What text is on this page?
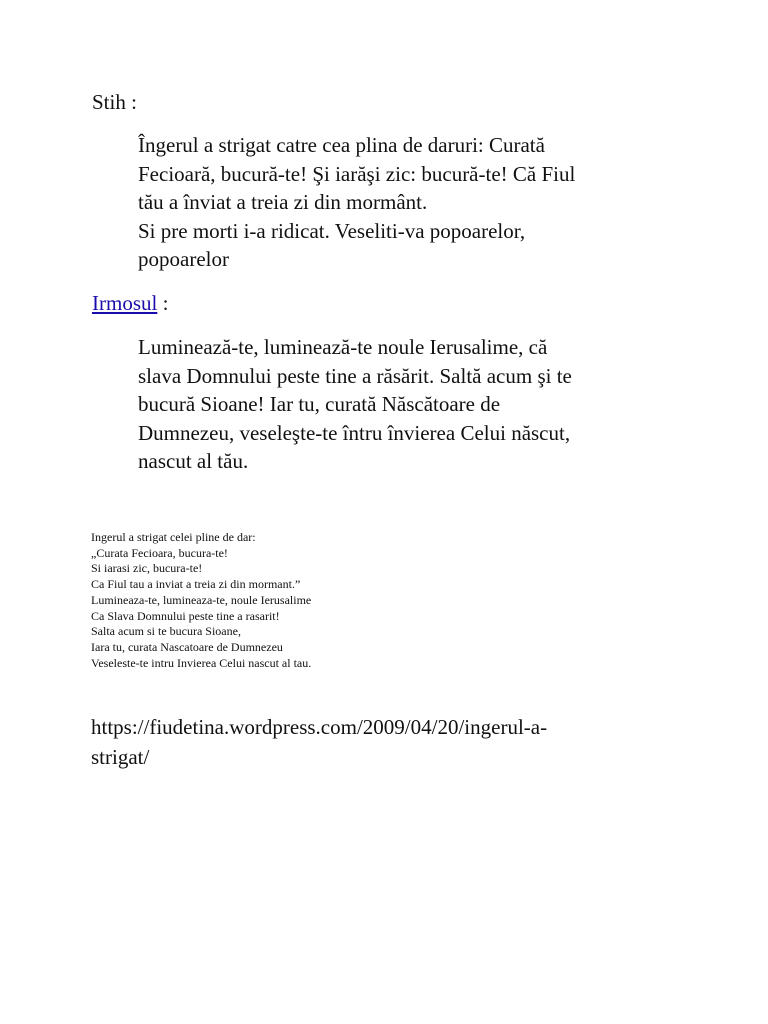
Stih :
Îngerul a strigat catre cea plina de daruri: Curată
Fecioară, bucură-te! Şi iarăşi zic: bucură-te! Că Fiul
tău a înviat a treia zi din mormânt.
Si pre morti i-a ridicat. Veseliti-va popoarelor,
popoarelor
Irmosul :
Luminează-te, luminează-te noule Ierusalime, că
slava Domnului peste tine a răsărit. Saltă acum şi te
bucură Sioane! Iar tu, curată Născătoare de
Dumnezeu, veseleşte-te întru învierea Celui născut,
nascut al tău.
Ingerul a strigat celei pline de dar:
„Curata Fecioara, bucura-te!
Si iarasi zic, bucura-te!
Ca Fiul tau a inviat a treia zi din mormant.”
Lumineaza-te, lumineaza-te, noule Ierusalime
Ca Slava Domnului peste tine a rasarit!
Salta acum si te bucura Sioane,
Iara tu, curata Nascatoare de Dumnezeu
Veseleste-te intru Invierea Celui nascut al tau.
https://fiudetina.wordpress.com/2009/04/20/ingerul-a-
strigat/
